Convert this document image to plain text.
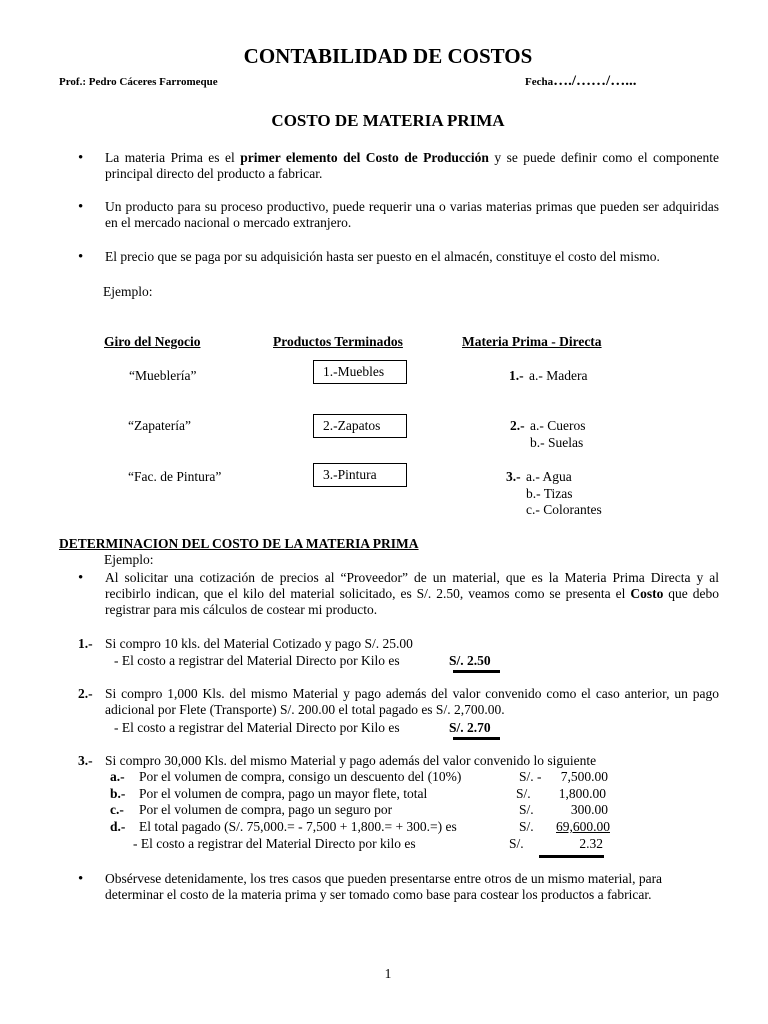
CONTABILIDAD DE COSTOS
Prof.: Pedro Cáceres Farromeque	Fecha…./……/…...
COSTO DE MATERIA PRIMA
• La materia Prima es el primer elemento del Costo de Producción y se puede definir como el componente principal directo del producto a fabricar.
• Un producto para su proceso productivo, puede requerir una o varias materias primas que pueden ser adquiridas en el mercado nacional o mercado extranjero.
• El precio que se paga por su adquisición hasta ser puesto en el almacén, constituye el costo del mismo.
Ejemplo:
Giro del Negocio	Productos Terminados	Materia Prima - Directa
“Mueblería”	1.-Muebles	1.- a.- Madera
“Zapatería”	2.-Zapatos	2.- a.- Cueros
b.- Suelas
“Fac. de Pintura”	3.-Pintura	3.- a.- Agua
b.- Tizas
c.- Colorantes
DETERMINACION DEL COSTO DE LA MATERIA PRIMA
Ejemplo:
• Al solicitar una cotización de precios al “Proveedor” de un material, que es la Materia Prima Directa y al recibirlo indican, que el kilo del material solicitado, es S/. 2.50, veamos como se presenta el Costo que debo registrar para mis cálculos de costear mi producto.
1.- Si compro 10 kls. del Material Cotizado y pago S/. 25.00
- El costo a registrar del Material Directo por Kilo es	S/. 2.50
2.- Si compro 1,000 Kls. del mismo Material y pago además del valor convenido como el caso anterior, un pago adicional por Flete (Transporte) S/. 200.00 el total pagado es S/. 2,700.00.
- El costo a registrar del Material Directo por Kilo es	S/. 2.70
3.- Si compro 30,000 Kls. del mismo Material y pago además del valor convenido lo siguiente
a.- Por el volumen de compra, consigo un descuento del (10%)	S/. -	7,500.00
b.- Por el volumen de compra, pago un mayor flete, total	S/.	1,800.00
c.- Por el volumen de compra, pago un seguro por	S/.	300.00
d.- El total pagado (S/. 75,000.= - 7,500 + 1,800.= + 300.=) es	S/.	69,600.00
- El costo a registrar del Material Directo por kilo es	S/.	2.32
• Obsérvese detenidamente, los tres casos que pueden presentarse entre otros de un mismo material, para determinar el costo de la materia prima y ser tomado como base para costear los productos a fabricar.
1
